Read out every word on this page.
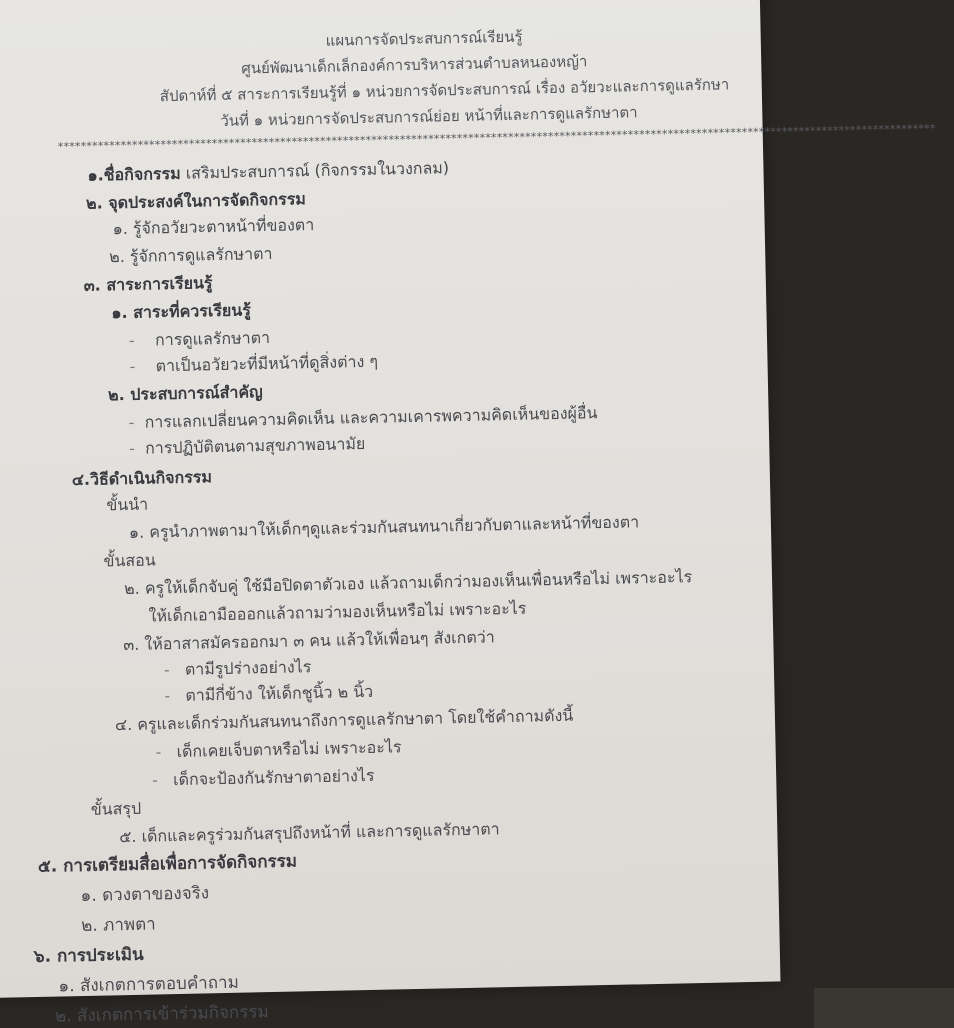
แผนการจัดประสบการณ์เรียนรู้
ศูนย์พัฒนาเด็กเล็กองค์การบริหารส่วนตำบลหนองหญ้า
สัปดาห์ที่ ๕ สาระการเรียนรู้ที่ ๑ หน่วยการจัดประสบการณ์ เรื่อง อวัยวะและการดูแลรักษา
วันที่ ๑ หน่วยการจัดประสบการณ์ย่อย หน้าที่และการดูแลรักษาตา
**********************************************************************************************************************************************************
๑.ชื่อกิจกรรม เสริมประสบการณ์ (กิจกรรมในวงกลม)
๒. จุดประสงค์ในการจัดกิจกรรม
๑. รู้จักอวัยวะตาหน้าที่ของตา
๒. รู้จักการดูแลรักษาตา
๓. สาระการเรียนรู้
๑. สาระที่ควรเรียนรู้
- การดูแลรักษาตา
- ตาเป็นอวัยวะที่มีหน้าที่ดูสิ่งต่าง ๆ
๒. ประสบการณ์สำคัญ
- การแลกเปลี่ยนความคิดเห็น และความเคารพความคิดเห็นของผู้อื่น
- การปฏิบัติตนตามสุขภาพอนามัย
๔.วิธีดำเนินกิจกรรม
ขั้นนำ
๑. ครูนำภาพตามาให้เด็กๆดูและร่วมกันสนทนาเกี่ยวกับตาและหน้าที่ของตา
ขั้นสอน
๒. ครูให้เด็กจับคู่ ใช้มือปิดตาตัวเอง แล้วถามเด็กว่ามองเห็นเพื่อนหรือไม่ เพราะอะไร
ให้เด็กเอามือออกแล้วถามว่ามองเห็นหรือไม่ เพราะอะไร
๓. ให้อาสาสมัครออกมา ๓ คน แล้วให้เพื่อนๆ สังเกตว่า
- ตามีรูปร่างอย่างไร
- ตามีกี่ข้าง ให้เด็กชูนิ้ว ๒ นิ้ว
๔. ครูและเด็กร่วมกันสนทนาถึงการดูแลรักษาตา โดยใช้คำถามดังนี้
- เด็กเคยเจ็บตาหรือไม่ เพราะอะไร
- เด็กจะป้องกันรักษาตาอย่างไร
ขั้นสรุป
๕. เด็กและครูร่วมกันสรุปถึงหน้าที่ และการดูแลรักษาตา
๕. การเตรียมสื่อเพื่อการจัดกิจกรรม
๑. ดวงตาของจริง
๒. ภาพตา
๖. การประเมิน
๑. สังเกตการตอบคำถาม
๒. สังเกตการเข้าร่วมกิจกรรม
